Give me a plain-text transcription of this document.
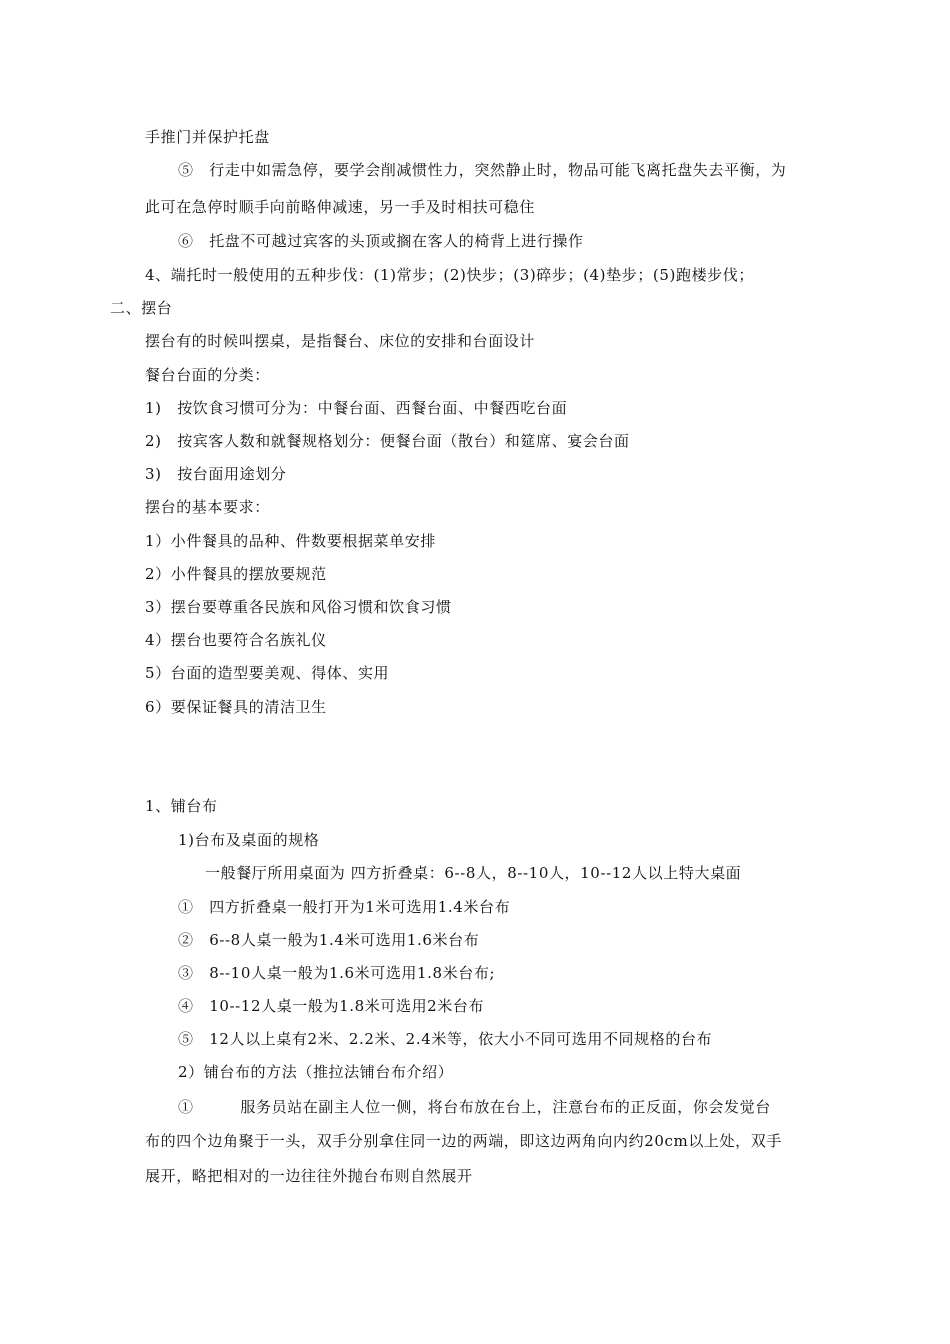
手推门并保护托盘
⑤　行走中如需急停，要学会削减惯性力，突然静止时，物品可能飞离托盘失去平衡，为
此可在急停时顺手向前略伸减速，另一手及时相扶可稳住
⑥　托盘不可越过宾客的头顶或搁在客人的椅背上进行操作
4、端托时一般使用的五种步伐：(1)常步；(2)快步；(3)碎步；(4)垫步；(5)跑楼步伐；
二、摆台
摆台有的时候叫摆桌，是指餐台、床位的安排和台面设计
餐台台面的分类：
1)　按饮食习惯可分为：中餐台面、西餐台面、中餐西吃台面
2)　按宾客人数和就餐规格划分：便餐台面（散台）和筵席、宴会台面
3)　按台面用途划分
摆台的基本要求：
1）小件餐具的品种、件数要根据菜单安排
2）小件餐具的摆放要规范
3）摆台要尊重各民族和风俗习惯和饮食习惯
4）摆台也要符合名族礼仪
5）台面的造型要美观、得体、实用
6）要保证餐具的清洁卫生
1、铺台布
1)台布及桌面的规格
一般餐厅所用桌面为 四方折叠桌：6--8人，8--10人，10--12人以上特大桌面
①　四方折叠桌一般打开为1米可选用1.4米台布
②　6--8人桌一般为1.4米可选用1.6米台布
③　8--10人桌一般为1.6米可选用1.8米台布;
④　10--12人桌一般为1.8米可选用2米台布
⑤　12人以上桌有2米、2.2米、2.4米等，依大小不同可选用不同规格的台布
2）铺台布的方法（推拉法铺台布介绍）
①　　　服务员站在副主人位一侧，将台布放在台上，注意台布的正反面，你会发觉台
布的四个边角聚于一头，双手分别拿住同一边的两端，即这边两角向内约20cm以上处，双手
展开，略把相对的一边往往外抛台布则自然展开
